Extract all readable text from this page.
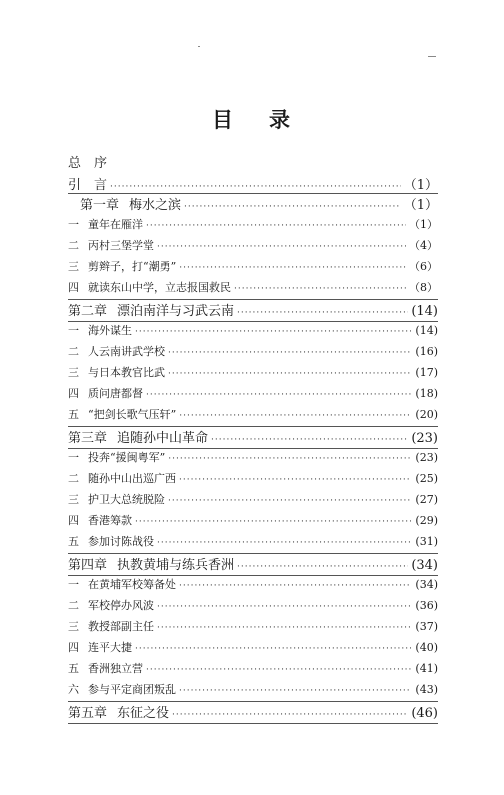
目 录
总　序
引　言 ·····	（1）
第一章 梅水之滨 ·····	（1）
一 童年在雁洋 ·····	（1）
二 丙村三堡学堂 ·····	（4）
三 剪辫子，打“潮勇” ·····	（6）
四 就读东山中学，立志报国救民 ·····	（8）
第二章 漂泊南洋与习武云南 ·····	(14)
一 海外谋生 ·····	(14)
二 人云南讲武学校 ·····	(16)
三 与日本教官比武 ·····	(17)
四 质问唐都督 ·····	(18)
五 “把剑长歌气压轩” ·····	(20)
第三章 追随孙中山革命 ·····	(23)
一 投奔“援闽粤军” ·····	(23)
二 随孙中山出巡广西 ·····	(25)
三 护卫大总统脱险 ·····	(27)
四 香港筹款 ·····	(29)
五 参加讨陈战役 ·····	(31)
第四章 执教黄埔与练兵香洲 ·····	(34)
一 在黄埔军校筹备处 ·····	(34)
二 军校停办风波 ·····	(36)
三 教授部副主任 ·····	(37)
四 连平大捷 ·····	(40)
五 香洲独立营 ·····	(41)
六 参与平定商团叛乱 ·····	(43)
第五章 东征之役 ·····	(46)
